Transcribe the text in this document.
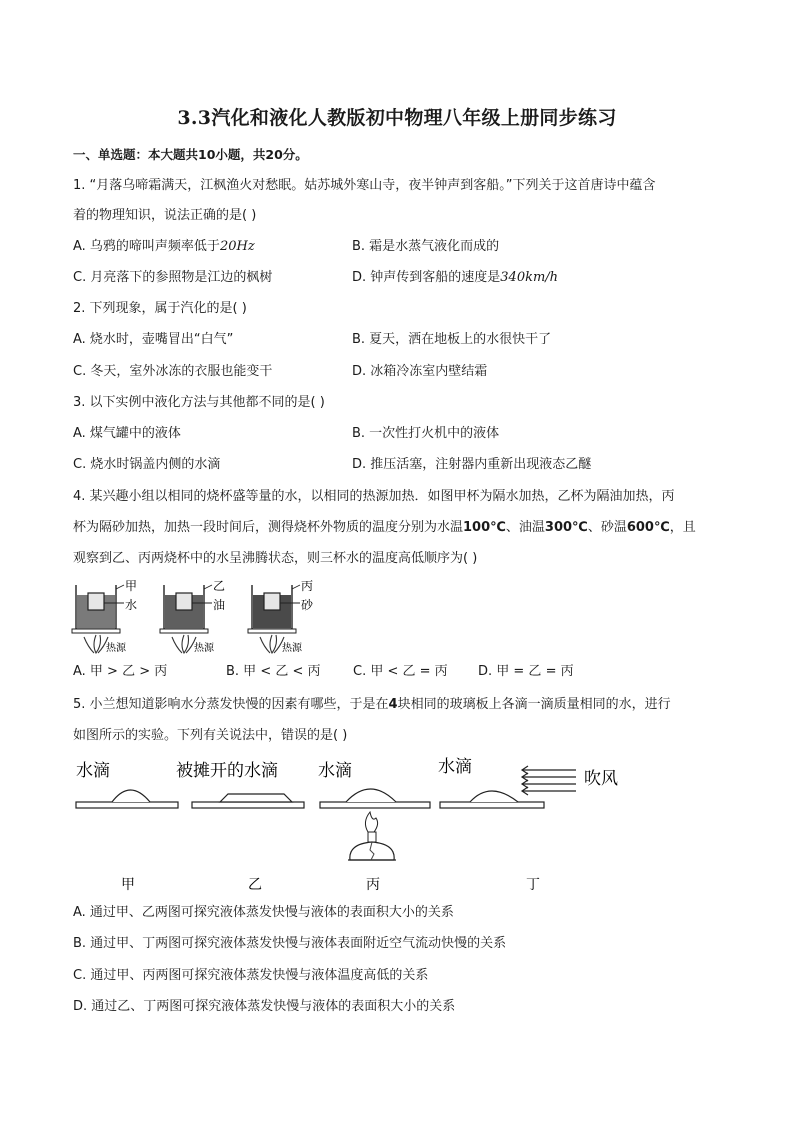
3.3汽化和液化人教版初中物理八年级上册同步练习
一、单选题：本大题共10小题，共20分。
1. “月落乌啼霜满天，江枫渔火对愁眠。姑苏城外寒山寺，夜半钟声到客船。”下列关于这首唐诗中蕴含
着的物理知识，说法正确的是( )
A. 乌鸦的啼叫声频率低于20Hz	B. 霜是水蒸气液化而成的
C. 月亮落下的参照物是江边的枫树	D. 钟声传到客船的速度是340km/h
2. 下列现象，属于汽化的是( )
A. 烧水时，壶嘴冒出“白气”	B. 夏天，洒在地板上的水很快干了
C. 冬天，室外冰冻的衣服也能变干	D. 冰箱冷冻室内壁结霜
3. 以下实例中液化方法与其他都不同的是( )
A. 煤气罐中的液体	B. 一次性打火机中的液体
C. 烧水时锅盖内侧的水滴	D. 推压活塞，注射器内重新出现液态乙醚
4. 某兴趣小组以相同的烧杯盛等量的水，以相同的热源加热．如图甲杯为隔水加热，乙杯为隔油加热，丙
杯为隔砂加热，加热一段时间后，测得烧杯外物质的温度分别为水温100℃、油温300℃、砂温600℃，且
观察到乙、丙两烧杯中的水呈沸腾状态，则三杯水的温度高低顺序为( )
甲
水
热源
乙
油
热源
丙
砂
热源
A. 甲 > 乙 > 丙	B. 甲 < 乙 < 丙	C. 甲 < 乙 = 丙 D. 甲 = 乙 = 丙
5. 小兰想知道影响水分蒸发快慢的因素有哪些，于是在4块相同的玻璃板上各滴一滴质量相同的水，进行
如图所示的实验。下列有关说法中，错误的是( )
水滴
甲
被摊开的水滴
乙
水滴
丙
水滴
吹风
丁
A. 通过甲、乙两图可探究液体蒸发快慢与液体的表面积大小的关系
B. 通过甲、丁两图可探究液体蒸发快慢与液体表面附近空气流动快慢的关系
C. 通过甲、丙两图可探究液体蒸发快慢与液体温度高低的关系
D. 通过乙、丁两图可探究液体蒸发快慢与液体的表面积大小的关系
